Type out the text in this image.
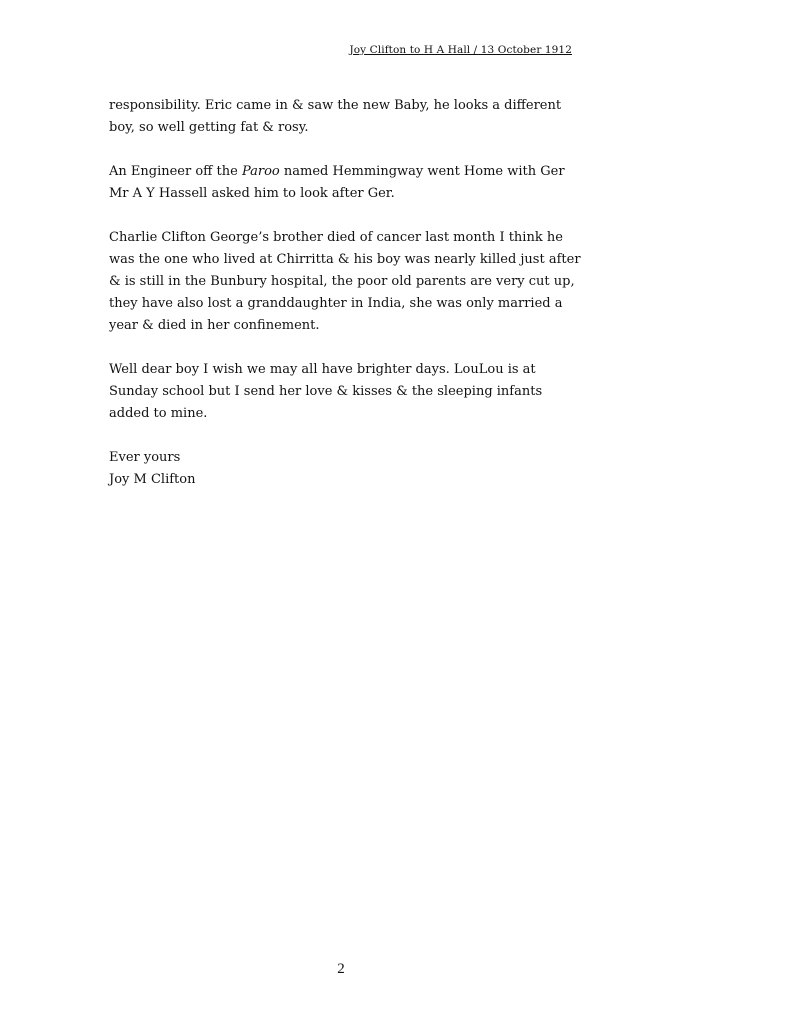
Joy Clifton to H A Hall / 13 October 1912

responsibility. Eric came in & saw the new Baby, he looks a different boy, so well getting fat & rosy.

An Engineer off the Paroo named Hemmingway went Home with Ger Mr A Y Hassell asked him to look after Ger.

Charlie Clifton George’s brother died of cancer last month I think he was the one who lived at Chirritta & his boy was nearly killed just after & is still in the Bunbury hospital, the poor old parents are very cut up, they have also lost a granddaughter in India, she was only married a year & died in her confinement.

Well dear boy I wish we may all have brighter days. LouLou is at Sunday school but I send her love & kisses & the sleeping infants added to mine.

Ever yours

Joy M Clifton

2
